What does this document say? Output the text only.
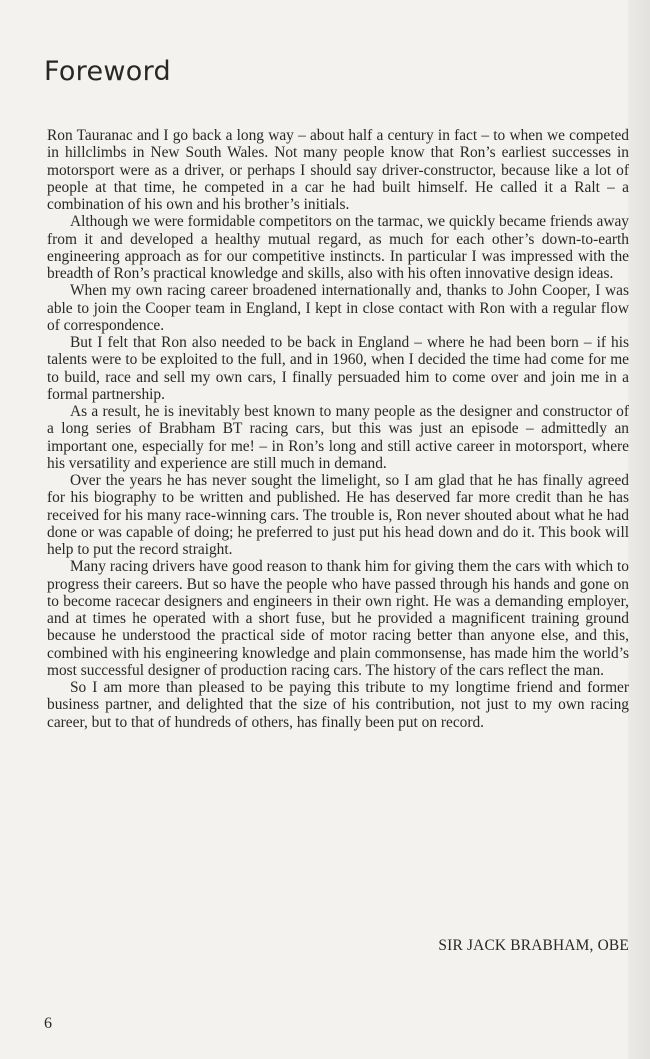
Foreword

Ron Tauranac and I go back a long way – about half a century in fact – to when we competed in hillclimbs in New South Wales. Not many people know that Ron’s earliest successes in motorsport were as a driver, or perhaps I should say driver-constructor, because like a lot of people at that time, he competed in a car he had built himself. He called it a Ralt – a combination of his own and his brother’s initials.

Although we were formidable competitors on the tarmac, we quickly became friends away from it and developed a healthy mutual regard, as much for each other’s down-to-earth engineering approach as for our competitive instincts. In particular I was impressed with the breadth of Ron’s practical knowledge and skills, also with his often innovative design ideas.

When my own racing career broadened internationally and, thanks to John Cooper, I was able to join the Cooper team in England, I kept in close contact with Ron with a regular flow of correspondence.

But I felt that Ron also needed to be back in England – where he had been born – if his talents were to be exploited to the full, and in 1960, when I decided the time had come for me to build, race and sell my own cars, I finally persuaded him to come over and join me in a formal partnership.

As a result, he is inevitably best known to many people as the designer and constructor of a long series of Brabham BT racing cars, but this was just an episode – admittedly an important one, especially for me! – in Ron’s long and still active career in motorsport, where his versatility and experience are still much in demand.

Over the years he has never sought the limelight, so I am glad that he has finally agreed for his biography to be written and published. He has deserved far more credit than he has received for his many race-winning cars. The trouble is, Ron never shouted about what he had done or was capable of doing; he preferred to just put his head down and do it. This book will help to put the record straight.

Many racing drivers have good reason to thank him for giving them the cars with which to progress their careers. But so have the people who have passed through his hands and gone on to become racecar designers and engineers in their own right. He was a demanding employer, and at times he operated with a short fuse, but he provided a magnificent training ground because he understood the practical side of motor racing better than anyone else, and this, combined with his engineering knowledge and plain commonsense, has made him the world’s most successful designer of production racing cars. The history of the cars reflect the man.

So I am more than pleased to be paying this tribute to my longtime friend and former business partner, and delighted that the size of his contribution, not just to my own racing career, but to that of hundreds of others, has finally been put on record.

SIR JACK BRABHAM, OBE
6
